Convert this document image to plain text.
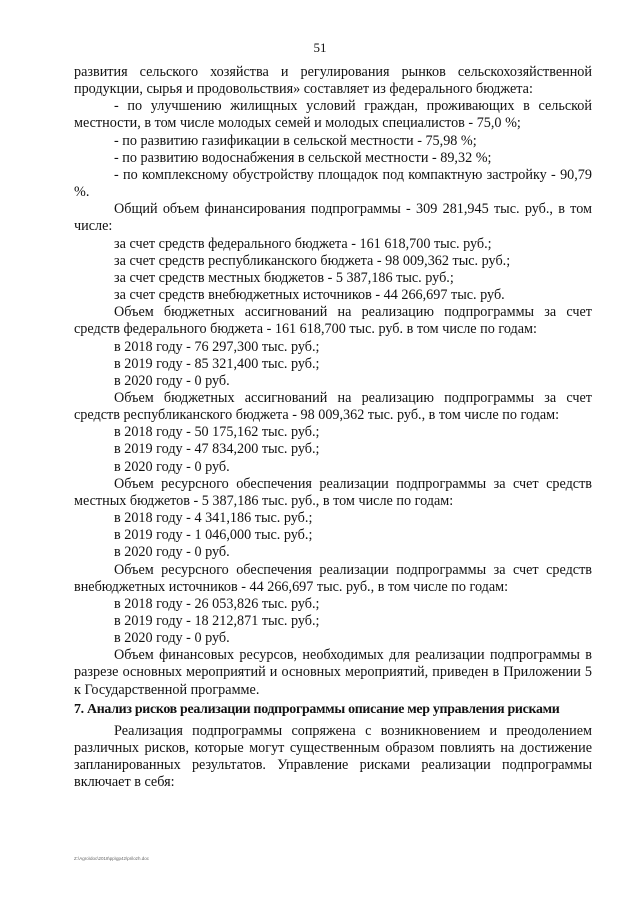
51

развития сельского хозяйства и регулирования рынков сельскохозяйственной продукции, сырья и продовольствия» составляет из федерального бюджета:

- по улучшению жилищных условий граждан, проживающих в сельской местности, в том числе молодых семей и молодых специалистов - 75,0 %;

- по развитию газификации в сельской местности - 75,98 %;

- по развитию водоснабжения в сельской местности - 89,32 %;

- по комплексному обустройству площадок под компактную застройку - 90,79 %.

Общий объем финансирования подпрограммы - 309 281,945 тыс. руб., в том числе:

за счет средств федерального бюджета - 161 618,700 тыс. руб.;

за счет средств республиканского бюджета - 98 009,362 тыс. руб.;

за счет средств местных бюджетов - 5 387,186 тыс. руб.;

за счет средств внебюджетных источников - 44 266,697 тыс. руб.

Объем бюджетных ассигнований на реализацию подпрограммы за счет средств федерального бюджета - 161 618,700 тыс. руб. в том числе по годам:

в 2018 году - 76 297,300 тыс. руб.;

в 2019 году - 85 321,400 тыс. руб.;

в 2020 году - 0 руб.

Объем бюджетных ассигнований на реализацию подпрограммы за счет средств республиканского бюджета - 98 009,362 тыс. руб., в том числе по годам:

в 2018 году - 50 175,162 тыс. руб.;

в 2019 году - 47 834,200 тыс. руб.;

в 2020 году - 0 руб.

Объем ресурсного обеспечения реализации подпрограммы за счет средств местных бюджетов - 5 387,186 тыс. руб., в том числе по годам:

в 2018 году - 4 341,186 тыс. руб.;

в 2019 году - 1 046,000 тыс. руб.;

в 2020 году - 0 руб.

Объем ресурсного обеспечения реализации подпрограммы за счет средств внебюджетных источников - 44 266,697 тыс. руб., в том числе по годам:

в 2018 году - 26 053,826 тыс. руб.;

в 2019 году - 18 212,871 тыс. руб.;

в 2020 году - 0 руб.

Объем финансовых ресурсов, необходимых для реализации подпрограммы в разрезе основных мероприятий и основных мероприятий, приведен в Приложении 5 к Государственной программе.

7. Анализ рисков реализации подпрограммы описание мер управления рисками

Реализация подпрограммы сопряжена с возникновением и преодолением различных рисков, которые могут существенным образом повлиять на достижение запланированных результатов. Управление рисками реализации подпрограммы включает в себя:

Z:\Agro\doc\2018\pp\gp42\prilozh.doc
